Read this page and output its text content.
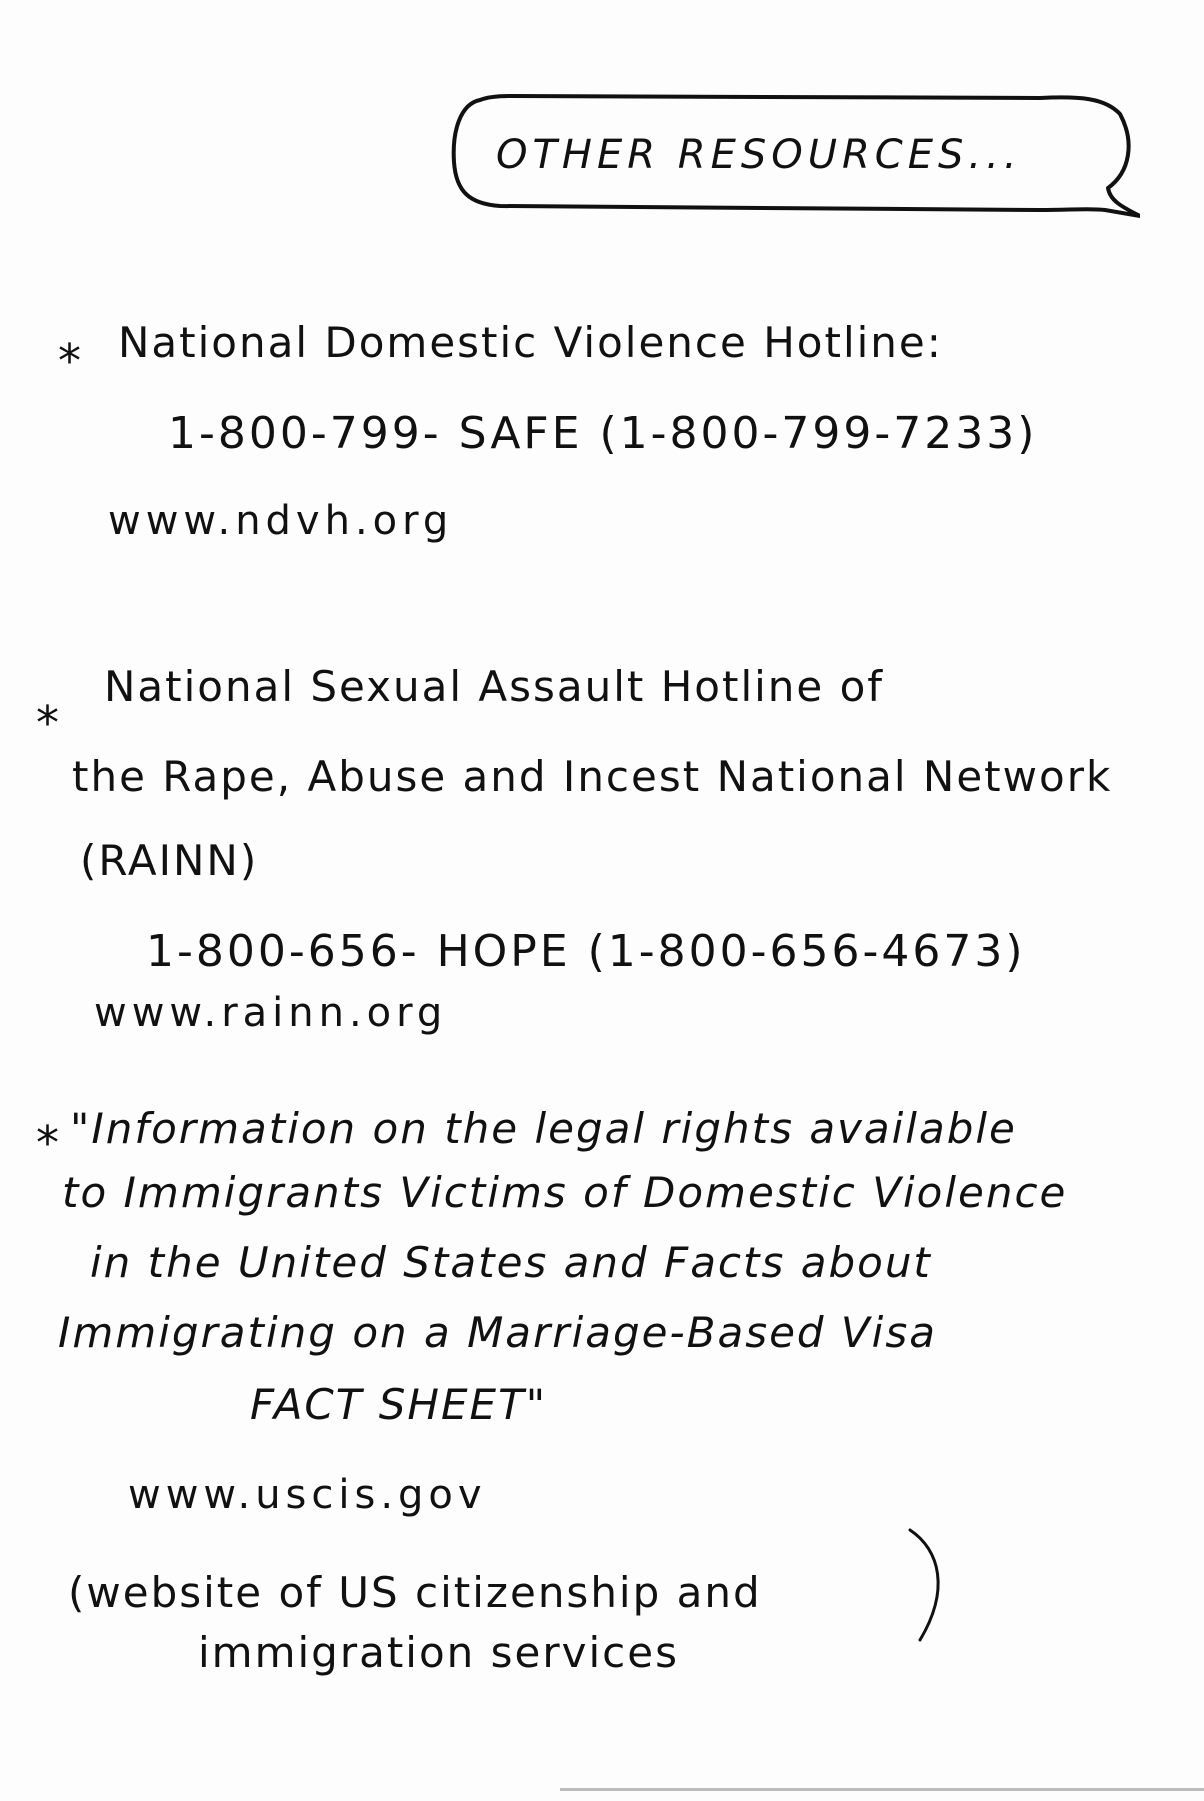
OTHER RESOURCES...
* National Domestic Violence Hotline:
1-800-799- SAFE (1-800-799-7233)
www.ndvh.org
*
National Sexual Assault Hotline of
the Rape, Abuse and Incest National Network
(RAINN)
1-800-656- HOPE (1-800-656-4673)
www.rainn.org
* "Information on the legal rights available
to Immigrants Victims of Domestic Violence
in the United States and Facts about
Immigrating on a Marriage-Based Visa
FACT SHEET"
www.uscis.gov
(website of US citizenship and
immigration services
